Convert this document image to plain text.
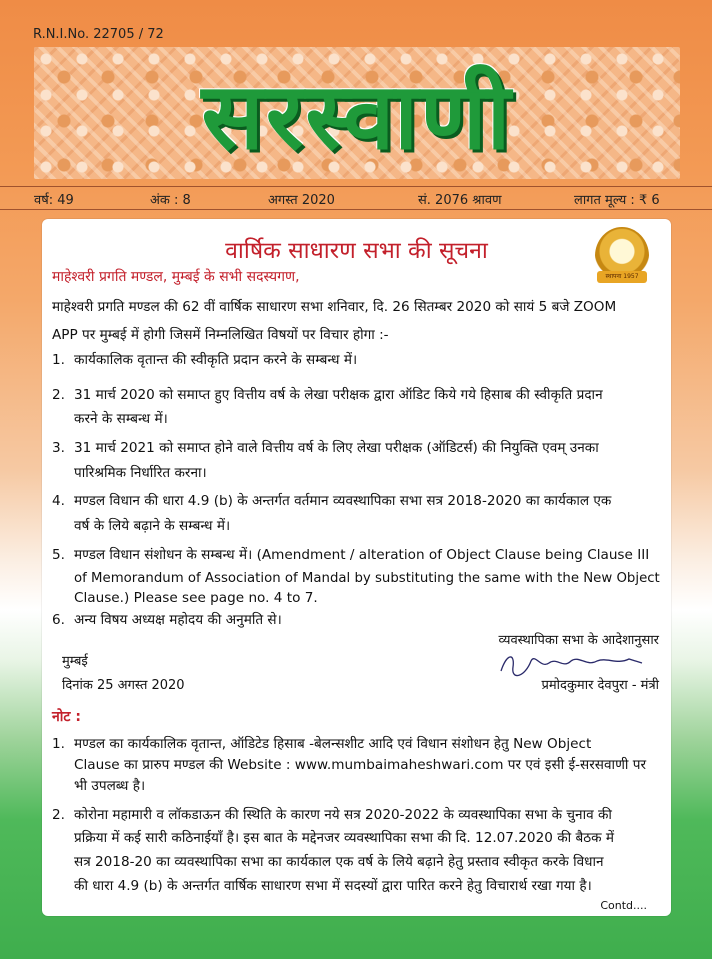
R.N.I.No. 22705 / 72
सरस्वाणी
वर्ष: 49	अंक : 8	अगस्त 2020	सं. 2076 श्रावण	लागत मूल्य : ₹ 6
वार्षिक साधारण सभा की सूचना
स्थापना 1957
माहेश्वरी प्रगति मण्डल, मुम्बई के सभी सदस्यगण,
माहेश्वरी प्रगति मण्डल की 62 वीं वार्षिक साधारण सभा शनिवार, दि. 26 सितम्बर 2020 को सायं 5 बजे ZOOM
APP पर मुम्बई में होगी जिसमें निम्नलिखित विषयों पर विचार होगा :-
1. कार्यकालिक वृतान्त की स्वीकृति प्रदान करने के सम्बन्ध में।
2. 31 मार्च 2020 को समाप्त हुए वित्तीय वर्ष के लेखा परीक्षक द्वारा ऑडिट किये गये हिसाब की स्वीकृति प्रदान
करने के सम्बन्ध में।
3. 31 मार्च 2021 को समाप्त होने वाले वित्तीय वर्ष के लिए लेखा परीक्षक (ऑडिटर्स) की नियुक्ति एवम् उनका
पारिश्रमिक निर्धारित करना।
4. मण्डल विधान की धारा 4.9 (b) के अन्तर्गत वर्तमान व्यवस्थापिका सभा सत्र 2018-2020 का कार्यकाल एक
वर्ष के लिये बढ़ाने के सम्बन्ध में।
5. मण्डल विधान संशोधन के सम्बन्ध में। (Amendment / alteration of Object Clause being Clause III
of Memorandum of Association of Mandal by substituting the same with the New Object
Clause.) Please see page no. 4 to 7.
6. अन्य विषय अध्यक्ष महोदय की अनुमति से।
व्यवस्थापिका सभा के आदेशानुसार
मुम्बई
दिनांक 25 अगस्त 2020	प्रमोदकुमार देवपुरा - मंत्री
नोट :
1. मण्डल का कार्यकालिक वृतान्त, ऑडिटेड हिसाब -बेलन्सशीट आदि एवं विधान संशोधन हेतु New Object
Clause का प्रारुप मण्डल की Website : www.mumbaimaheshwari.com पर एवं इसी ई-सरसवाणी पर
भी उपलब्ध है।
2. कोरोना महामारी व लॉकडाऊन की स्थिति के कारण नये सत्र 2020-2022 के व्यवस्थापिका सभा के चुनाव की
प्रक्रिया में कई सारी कठिनाईयाँ है। इस बात के मद्देनजर व्यवस्थापिका सभा की दि. 12.07.2020 की बैठक में
सत्र 2018-20 का व्यवस्थापिका सभा का कार्यकाल एक वर्ष के लिये बढ़ाने हेतु प्रस्ताव स्वीकृत करके विधान
की धारा 4.9 (b) के अन्तर्गत वार्षिक साधारण सभा में सदस्यों द्वारा पारित करने हेतु विचारार्थ रखा गया है।
Contd....
